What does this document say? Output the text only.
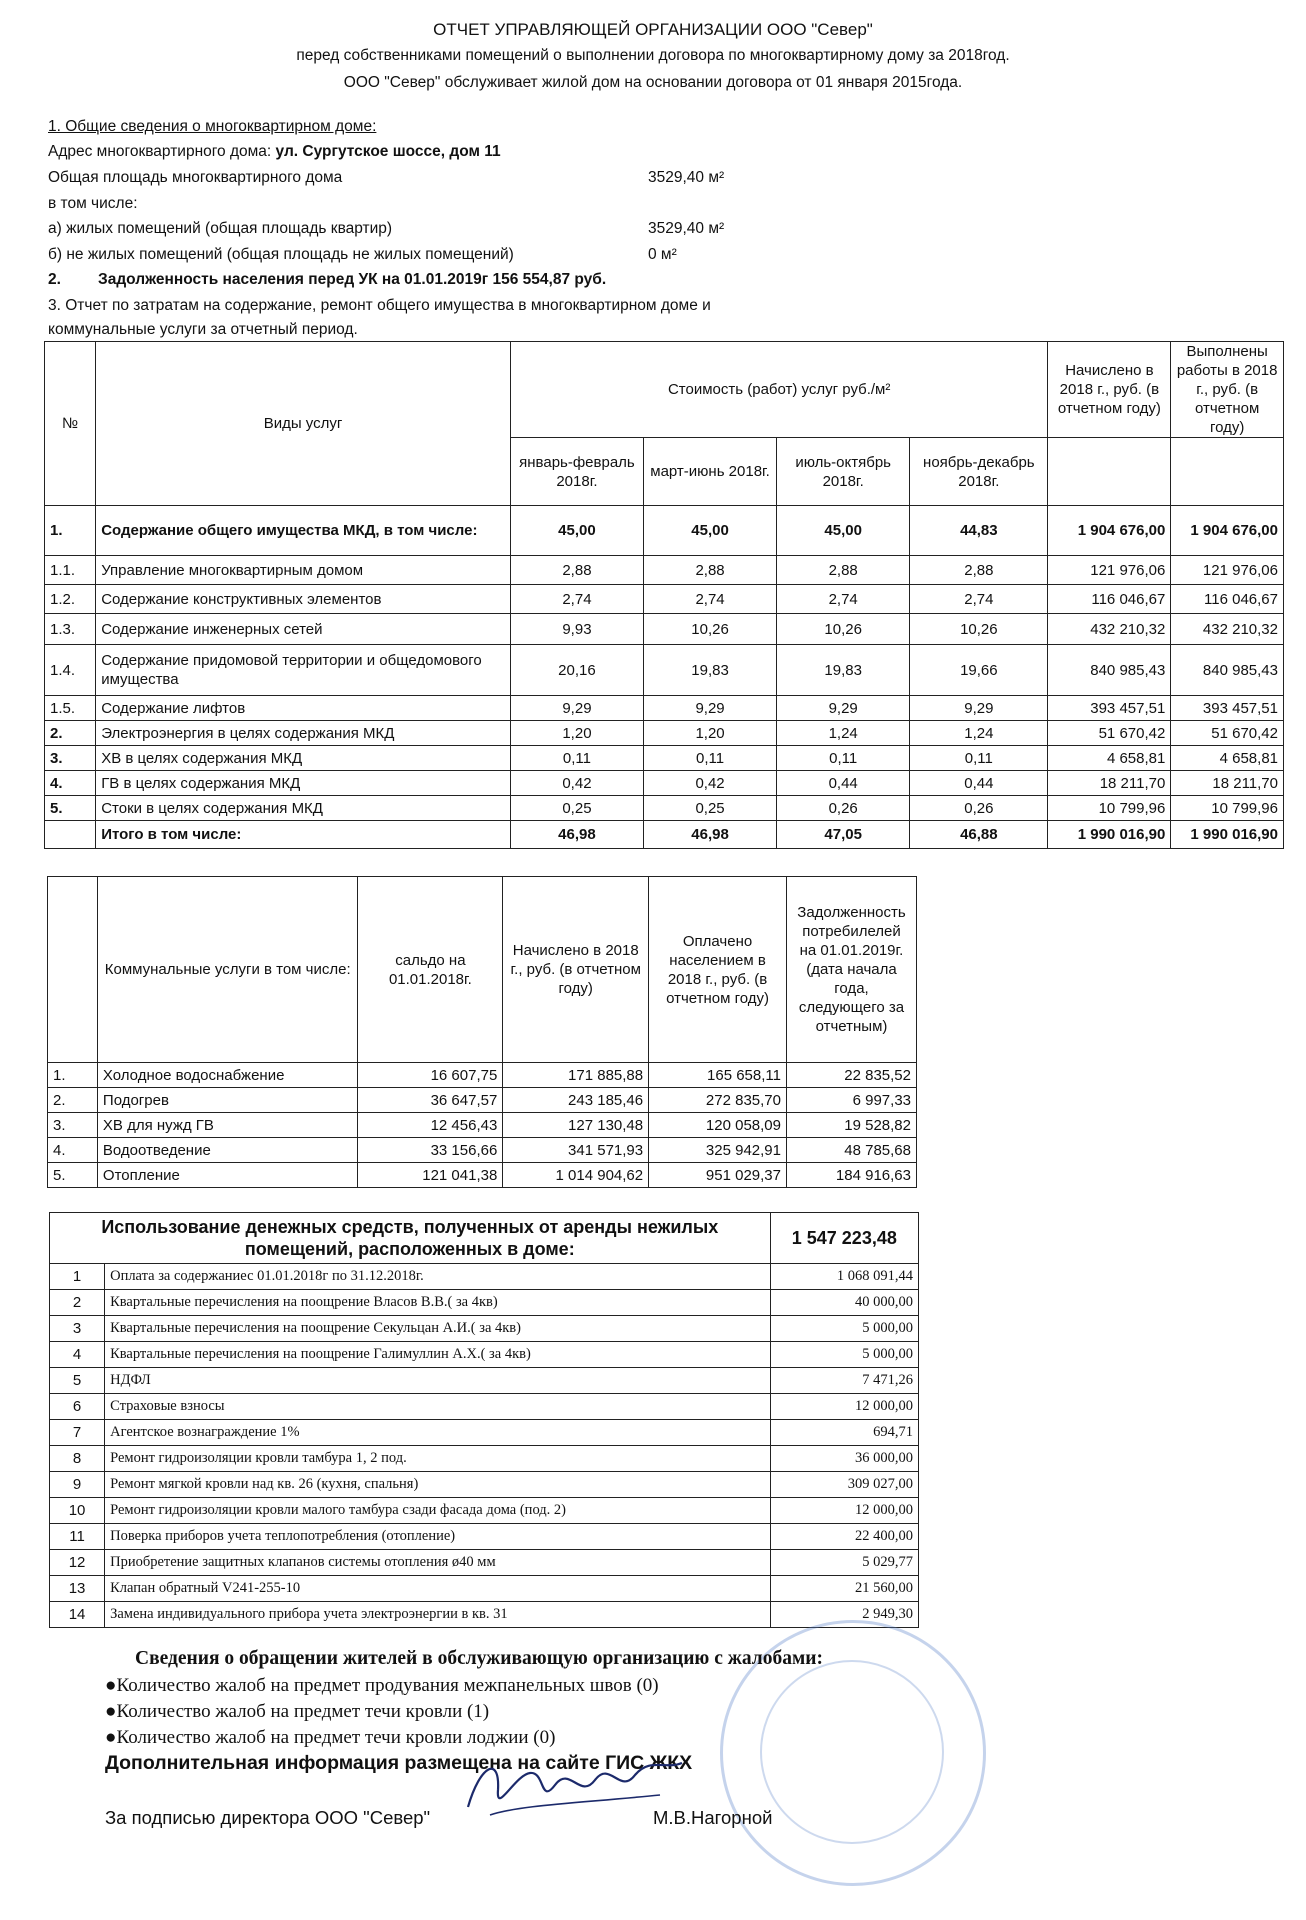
ОТЧЕТ УПРАВЛЯЮЩЕЙ ОРГАНИЗАЦИИ ООО "Север"
перед собственниками помещений о выполнении договора по многоквартирному дому за 2018год.
ООО "Север" обслуживает жилой дом на основании договора от 01 января 2015года.
1. Общие сведения о многоквартирном доме:
Адрес многоквартирного дома: ул. Сургутское шоссе, дом 11
Общая площадь многоквартирного дома	3529,40 м²
в том числе:
а) жилых помещений (общая площадь квартир)	3529,40 м²
б) не жилых помещений (общая площадь не жилых помещений)	0 м²
2. Задолженность населения перед УК на 01.01.2019г 156 554,87 руб.
3. Отчет по затратам на содержание, ремонт общего имущества в многоквартирном доме и
коммунальные услуги за отчетный период.
№	Виды услуг	Стоимость (работ) услуг руб./м²				Начислено в 2018 г., руб. (в отчетном году)	Выполнены работы в 2018 г., руб. (в отчетном году)
		январь-февраль 2018г.	март-июнь 2018г.	июль-октябрь 2018г.	ноябрь-декабрь 2018г.		
1.	Содержание общего имущества МКД, в том числе:	45,00	45,00	45,00	44,83	1 904 676,00	1 904 676,00
1.1.	Управление многоквартирным домом	2,88	2,88	2,88	2,88	121 976,06	121 976,06
1.2.	Содержание конструктивных элементов	2,74	2,74	2,74	2,74	116 046,67	116 046,67
1.3.	Содержание инженерных сетей	9,93	10,26	10,26	10,26	432 210,32	432 210,32
1.4.	Содержание придомовой территории и общедомового имущества	20,16	19,83	19,83	19,66	840 985,43	840 985,43
1.5.	Содержание лифтов	9,29	9,29	9,29	9,29	393 457,51	393 457,51
2.	Электроэнергия в целях содержания МКД	1,20	1,20	1,24	1,24	51 670,42	51 670,42
3.	ХВ в целях содержания МКД	0,11	0,11	0,11	0,11	4 658,81	4 658,81
4.	ГВ в целях содержания МКД	0,42	0,42	0,44	0,44	18 211,70	18 211,70
5.	Стоки в целях содержания МКД	0,25	0,25	0,26	0,26	10 799,96	10 799,96
	Итого в том числе:	46,98	46,98	47,05	46,88	1 990 016,90	1 990 016,90
	Коммунальные услуги в том числе:	сальдо на 01.01.2018г.	Начислено в 2018 г., руб. (в отчетном году)	Оплачено населением в 2018 г., руб. (в отчетном году)	Задолженность потребилелей на 01.01.2019г. (дата начала года, следующего за отчетным)
1.	Холодное водоснабжение	16 607,75	171 885,88	165 658,11	22 835,52
2.	Подогрев	36 647,57	243 185,46	272 835,70	6 997,33
3.	ХВ для нужд ГВ	12 456,43	127 130,48	120 058,09	19 528,82
4.	Водоотведение	33 156,66	341 571,93	325 942,91	48 785,68
5.	Отопление	121 041,38	1 014 904,62	951 029,37	184 916,63
Использование денежных средств, полученных от аренды нежилых помещений, расположенных в доме:		1 547 223,48
1	Оплата за содержаниес 01.01.2018г по 31.12.2018г.	1 068 091,44
2	Квартальные перечисления на поощрение Власов В.В.( за 4кв)	40 000,00
3	Квартальные перечисления на поощрение Секульцан А.И.( за 4кв)	5 000,00
4	Квартальные перечисления на поощрение Галимуллин А.Х.( за 4кв)	5 000,00
5	НДФЛ	7 471,26
6	Страховые взносы	12 000,00
7	Агентское вознаграждение 1%	694,71
8	Ремонт гидроизоляции кровли тамбура 1, 2 под.	36 000,00
9	Ремонт мягкой кровли над кв. 26 (кухня, спальня)	309 027,00
10	Ремонт гидроизоляции кровли малого тамбура сзади фасада дома (под. 2)	12 000,00
11	Поверка приборов учета теплопотребления (отопление)	22 400,00
12	Приобретение защитных клапанов системы отопления ø40 мм	5 029,77
13	Клапан обратный V241-255-10	21 560,00
14	Замена индивидуального прибора учета электроэнергии в кв. 31	2 949,30
Сведения о обращении жителей в обслуживающую организацию с жалобами:
●Количество жалоб на предмет продувания межпанельных швов (0)
●Количество жалоб на предмет течи кровли (1)
●Количество жалоб на предмет течи кровли лоджии (0)
Дополнительная информация размещена на сайте ГИС ЖКХ
За подписью директора ООО "Север"	М.В.Нагорной
